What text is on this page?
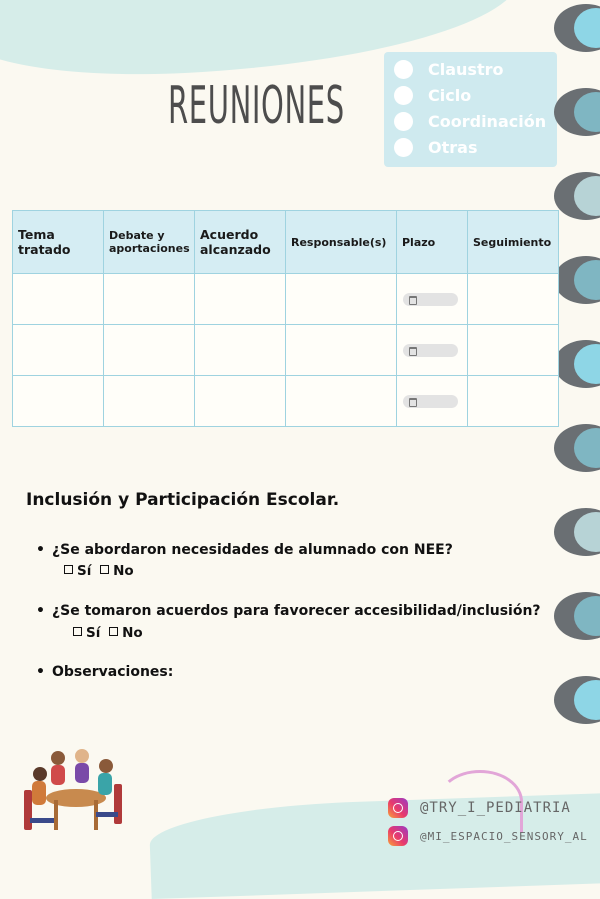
REUNIONES
Claustro
Ciclo
Coordinación
Otras
Tema tratado	Debate y aportaciones	Acuerdo alcanzado	Responsable(s)	Plazo	Seguimiento

Inclusión y Participación Escolar.
• ¿Se abordaron necesidades de alumnado con NEE?
Sí No
• ¿Se tomaron acuerdos para favorecer accesibilidad/inclusión?
Sí No
• Observaciones:
@TRY_I_PEDIATRIA
@MI_ESPACIO_SENSORY_AL
